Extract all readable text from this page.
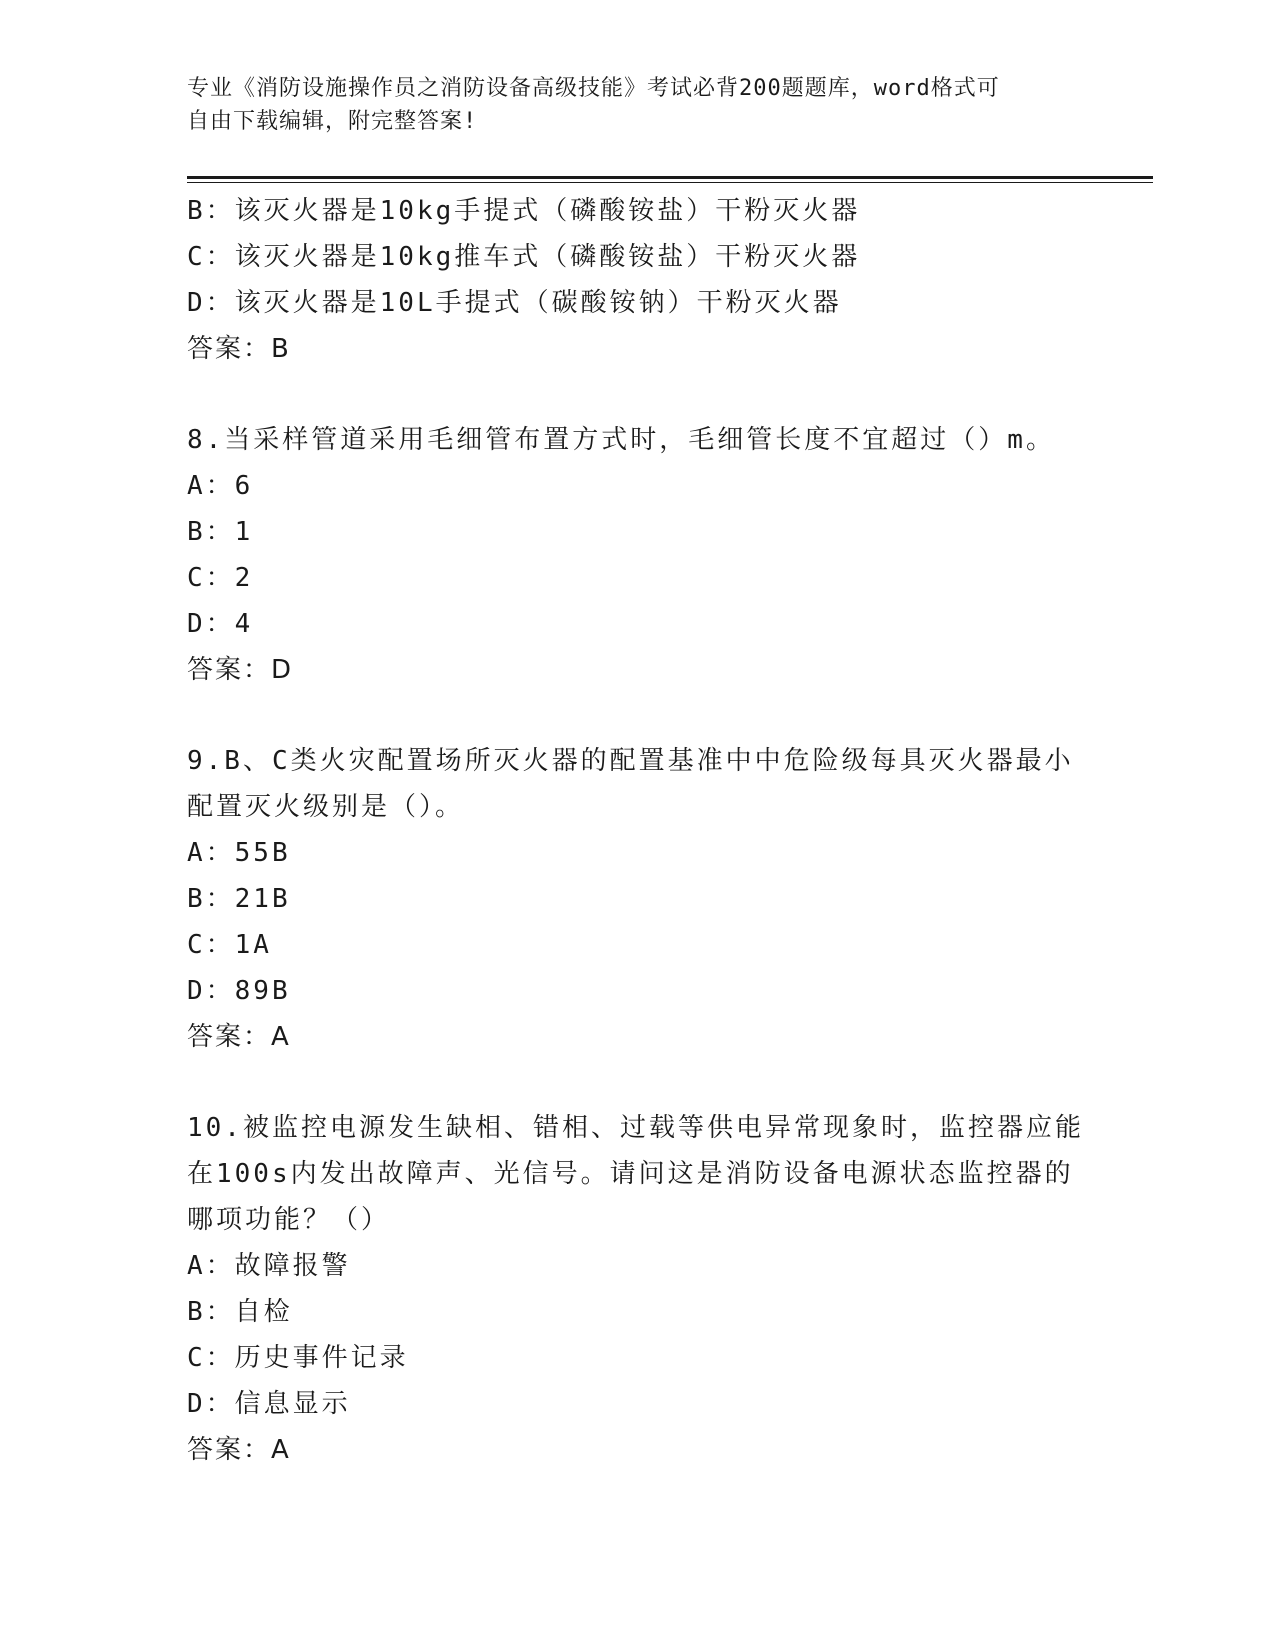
专业《消防设施操作员之消防设备高级技能》考试必背200题题库，word格式可
自由下载编辑，附完整答案!
B：该灭火器是10kg手提式（磷酸铵盐）干粉灭火器
C：该灭火器是10kg推车式（磷酸铵盐）干粉灭火器
D：该灭火器是10L手提式（碳酸铵钠）干粉灭火器
答案：B
8.当采样管道采用毛细管布置方式时，毛细管长度不宜超过（）m。
A：6
B：1
C：2
D：4
答案：D
9.B、C类火灾配置场所灭火器的配置基准中中危险级每具灭火器最小
配置灭火级别是（）。
A：55B
B：21B
C：1A
D：89B
答案：A
10.被监控电源发生缺相、错相、过载等供电异常现象时，监控器应能
在100s内发出故障声、光信号。请问这是消防设备电源状态监控器的
哪项功能？（）
A：故障报警
B：自检
C：历史事件记录
D：信息显示
答案：A
